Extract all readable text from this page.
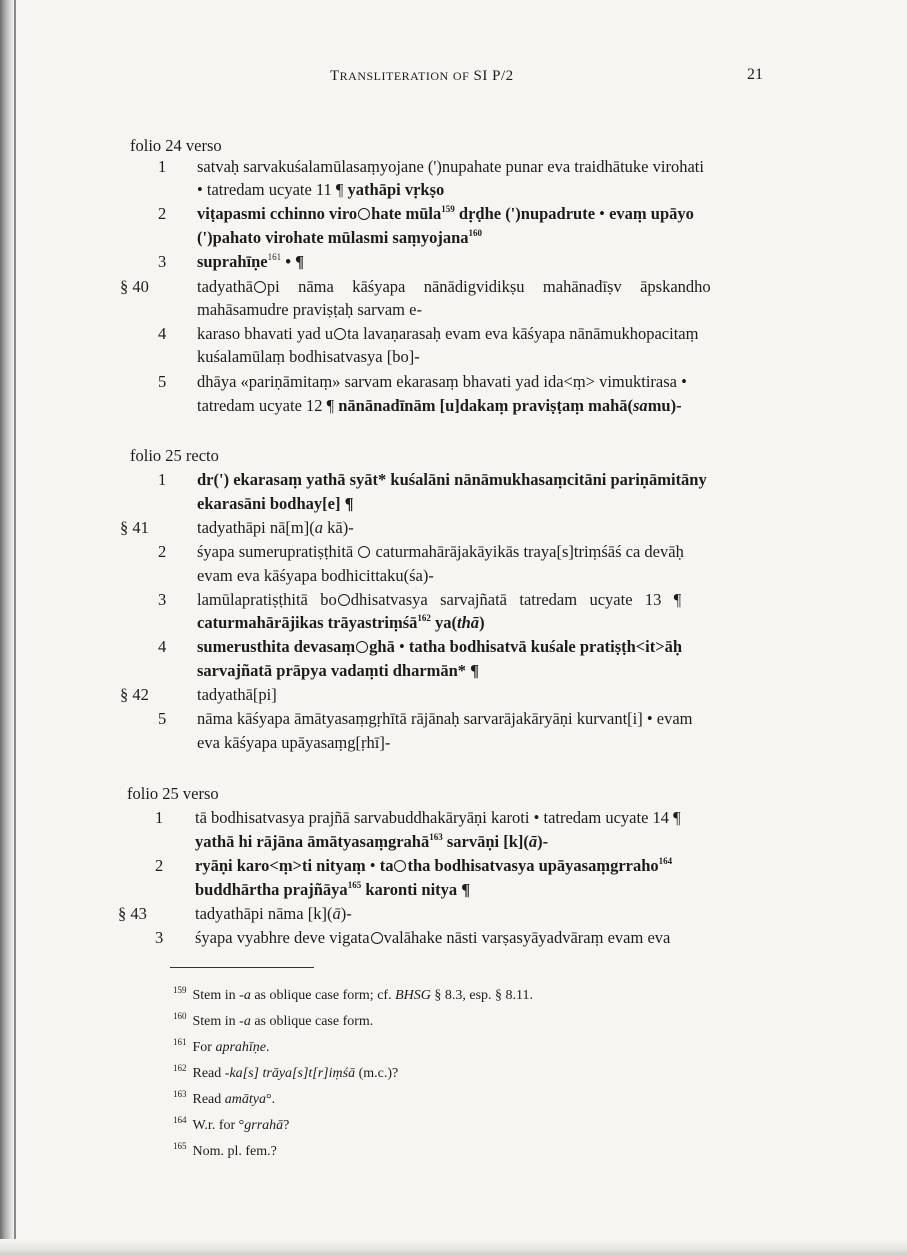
TRANSLITERATION OF SI P/2	21
folio 24 verso
1 satvaḥ sarvakuśalamūlasaṃyojane (')nupahate punar eva traidhātuke virohati
• tatredam ucyate 11 ¶ yathāpi vṛkṣo
2 viṭapasmi cchinno viro hate mūla$^{159}$ dṛḍhe (')nupadrute • evaṃ upāyo
(')pahato virohate mūlasmi saṃyojana$^{160}$
3 suprahīṇe$^{161}$ • ¶
§ 40	tadyathā pi   nāma   kāśyapa   nānādigvidikṣu   mahānadīṣv   āpskandho
mahāsamudre praviṣṭaḥ sarvam e-
4 karaso bhavati yad u ta lavaṇarasaḥ evam eva kāśyapa nānāmukhopacitaṃ
kuśalamūlaṃ bodhisatvasya [bo]-
5 dhāya «pariṇāmitaṃ» sarvam ekarasaṃ bhavati yad ida<ṃ> vimuktirasa •
tatredam ucyate 12 ¶ nānānadīnām [u]dakaṃ praviṣṭaṃ mahā(samu)-
folio 25 recto
1 dr(') ekarasaṃ yathā syāt* kuśalāni nānāmukhasaṃcitāni pariṇāmitāny
ekarasāni bodhay[e] ¶
§ 41	tadyathāpi nā[m](a kā)-
2 śyapa sumerupratiṣṭhitā  caturmahārājakāyikās traya[s]triṃśāś ca devāḥ
evam eva kāśyapa bodhicittaku(śa)-
3 lamūlapratiṣṭhitā   bo dhisatvasya   sarvajñatā   tatredam   ucyate   13   ¶
caturmahārājikas trāyastriṃśā$^{162}$ ya(thā)
4 sumerusthita devasaṃ ghā • tatha bodhisatvā kuśale pratiṣṭh<it>āḥ
sarvajñatā prāpya vadaṃti dharmān* ¶
§ 42	tadyathā[pi]
5 nāma kāśyapa āmātyasaṃgṛhītā rājānaḥ sarvarājakāryāṇi kurvant[i] • evam
eva kāśyapa upāyasaṃg[ṛhī]-
folio 25 verso
1 tā bodhisatvasya prajñā sarvabuddhakāryāṇi karoti • tatredam ucyate 14 ¶
yathā hi rājāna āmātyasaṃgrahā$^{163}$ sarvāṇi [k](ā)-
2 ryāṇi karo<ṃ>ti nityaṃ • ta tha bodhisatvasya upāyasaṃgrraho$^{164}$
buddhārtha prajñāya$^{165}$ karonti nitya ¶
§ 43	tadyathāpi nāma [k](ā)-
3 śyapa vyabhre deve vigata valāhake nāsti varṣasyāyadvāraṃ evam eva
$^{159}$ Stem in -a as oblique case form; cf. BHSG § 8.3, esp. § 8.11.
$^{160}$ Stem in -a as oblique case form.
$^{161}$ For aprahīṇe.
$^{162}$ Read -ka[s] trāya[s]t[r]iṃśā (m.c.)?
$^{163}$ Read amātya°.
$^{164}$ W.r. for °grrahā?
$^{165}$ Nom. pl. fem.?
